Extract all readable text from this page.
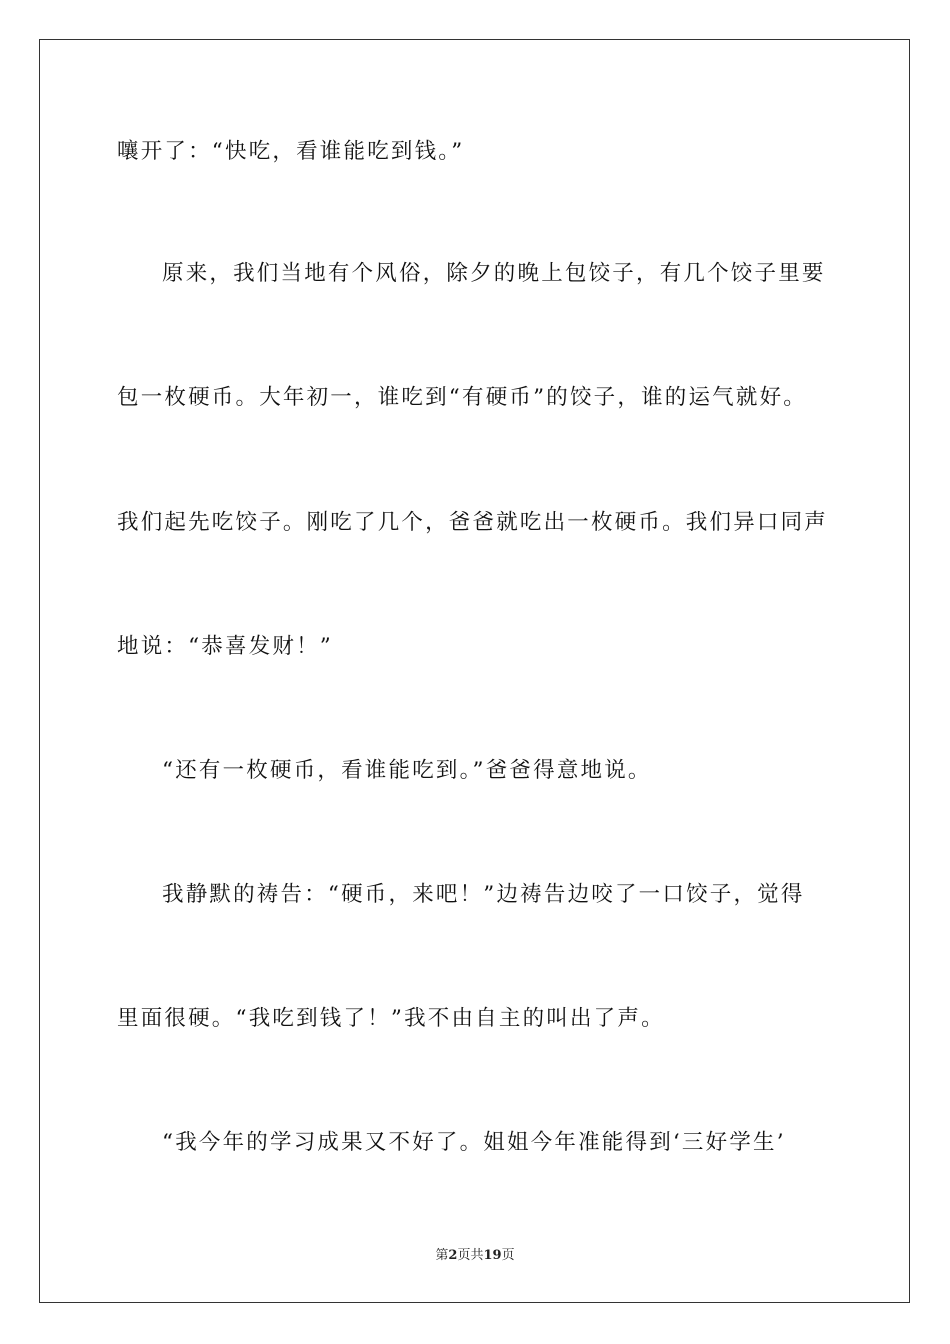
嚷开了：“快吃，看谁能吃到钱。”
原来，我们当地有个风俗，除夕的晚上包饺子，有几个饺子里要
包一枚硬币。大年初一，谁吃到“有硬币”的饺子，谁的运气就好。
我们起先吃饺子。刚吃了几个，爸爸就吃出一枚硬币。我们异口同声
地说：“恭喜发财！”
“还有一枚硬币，看谁能吃到。”爸爸得意地说。
我静默的祷告：“硬币，来吧！”边祷告边咬了一口饺子，觉得
里面很硬。“我吃到钱了！”我不由自主的叫出了声。
“我今年的学习成果又不好了。姐姐今年准能得到‘三好学生’
第2页共19页
